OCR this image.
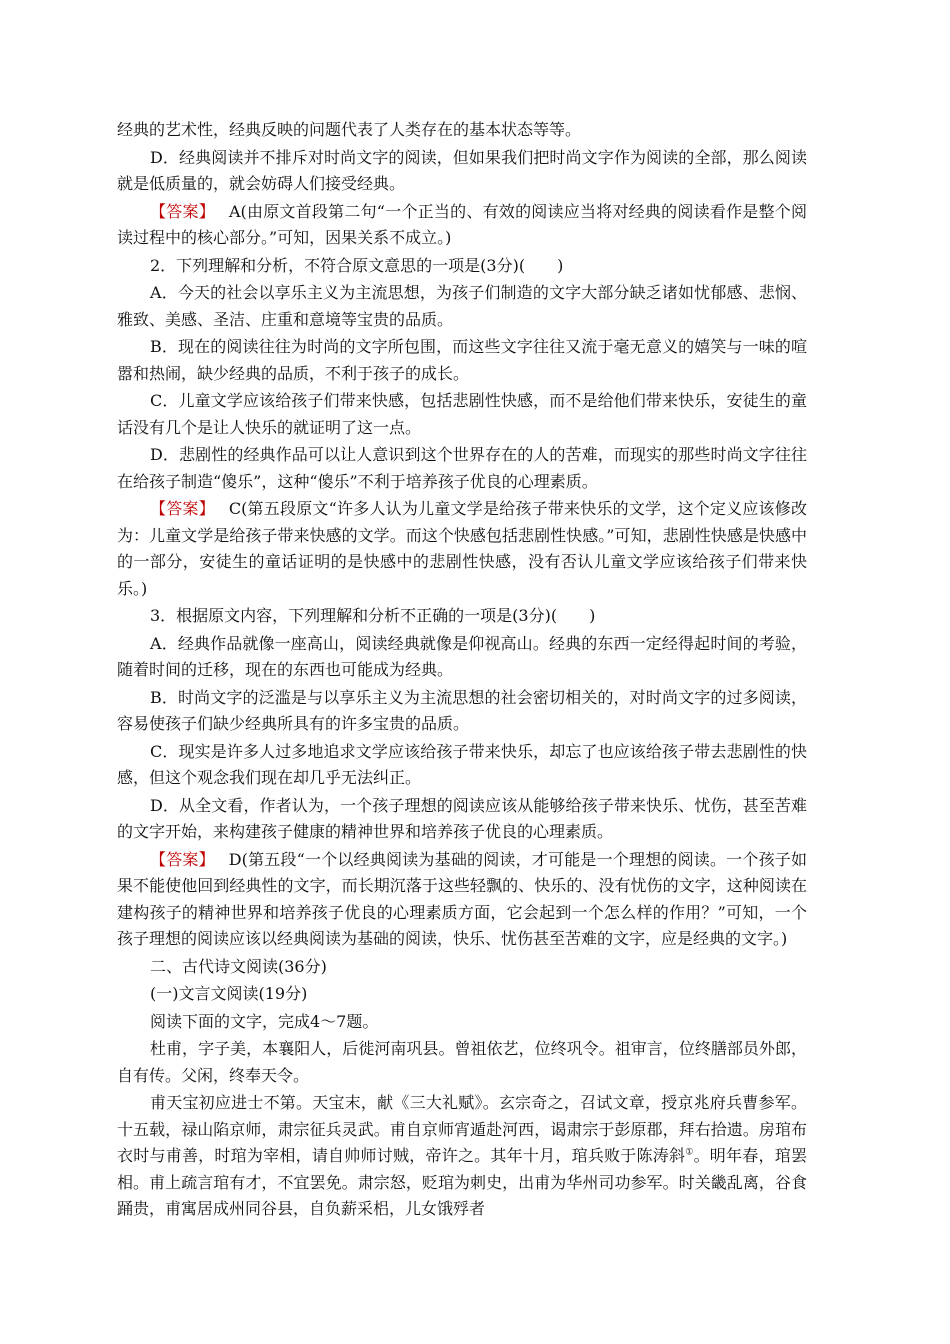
经典的艺术性，经典反映的问题代表了人类存在的基本状态等等。

D．经典阅读并不排斥对时尚文字的阅读，但如果我们把时尚文字作为阅读的全部，那么阅读就是低质量的，就会妨碍人们接受经典。

【答案】 A(由原文首段第二句“一个正当的、有效的阅读应当将对经典的阅读看作是整个阅读过程中的核心部分。”可知，因果关系不成立。)

2．下列理解和分析，不符合原文意思的一项是(3分)(　　)

A．今天的社会以享乐主义为主流思想，为孩子们制造的文字大部分缺乏诸如忧郁感、悲悯、雅致、美感、圣洁、庄重和意境等宝贵的品质。

B．现在的阅读往往为时尚的文字所包围，而这些文字往往又流于毫无意义的嬉笑与一味的喧嚣和热闹，缺少经典的品质，不利于孩子的成长。

C．儿童文学应该给孩子们带来快感，包括悲剧性快感，而不是给他们带来快乐，安徒生的童话没有几个是让人快乐的就证明了这一点。

D．悲剧性的经典作品可以让人意识到这个世界存在的人的苦难，而现实的那些时尚文字往往在给孩子制造“傻乐”，这种“傻乐”不利于培养孩子优良的心理素质。

【答案】 C(第五段原文“许多人认为儿童文学是给孩子带来快乐的文学，这个定义应该修改为：儿童文学是给孩子带来快感的文学。而这个快感包括悲剧性快感。”可知，悲剧性快感是快感中的一部分，安徒生的童话证明的是快感中的悲剧性快感，没有否认儿童文学应该给孩子们带来快乐。)

3．根据原文内容，下列理解和分析不正确的一项是(3分)(　　)

A．经典作品就像一座高山，阅读经典就像是仰视高山。经典的东西一定经得起时间的考验，随着时间的迁移，现在的东西也可能成为经典。

B．时尚文字的泛滥是与以享乐主义为主流思想的社会密切相关的，对时尚文字的过多阅读，容易使孩子们缺少经典所具有的许多宝贵的品质。

C．现实是许多人过多地追求文学应该给孩子带来快乐，却忘了也应该给孩子带去悲剧性的快感，但这个观念我们现在却几乎无法纠正。

D．从全文看，作者认为，一个孩子理想的阅读应该从能够给孩子带来快乐、忧伤，甚至苦难的文字开始，来构建孩子健康的精神世界和培养孩子优良的心理素质。

【答案】 D(第五段“一个以经典阅读为基础的阅读，才可能是一个理想的阅读。一个孩子如果不能使他回到经典性的文字，而长期沉落于这些轻飘的、快乐的、没有忧伤的文字，这种阅读在建构孩子的精神世界和培养孩子优良的心理素质方面，它会起到一个怎么样的作用？”可知，一个孩子理想的阅读应该以经典阅读为基础的阅读，快乐、忧伤甚至苦难的文字，应是经典的文字。)

二、古代诗文阅读(36分)

(一)文言文阅读(19分)

阅读下面的文字，完成4～7题。

杜甫，字子美，本襄阳人，后徙河南巩县。曾祖依艺，位终巩令。祖审言，位终膳部员外郎，自有传。父闲，终奉天令。

甫天宝初应进士不第。天宝末，献《三大礼赋》。玄宗奇之，召试文章，授京兆府兵曹参军。十五载，禄山陷京师，肃宗征兵灵武。甫自京师宵遁赴河西，谒肃宗于彭原郡，拜右拾遗。房琯布衣时与甫善，时琯为宰相，请自帅师讨贼，帝许之。其年十月，琯兵败于陈涛斜①。明年春，琯罢相。甫上疏言琯有才，不宜罢免。肃宗怒，贬琯为刺史，出甫为华州司功参军。时关畿乱离，谷食踊贵，甫寓居成州同谷县，自负薪采梠，儿女饿殍者
